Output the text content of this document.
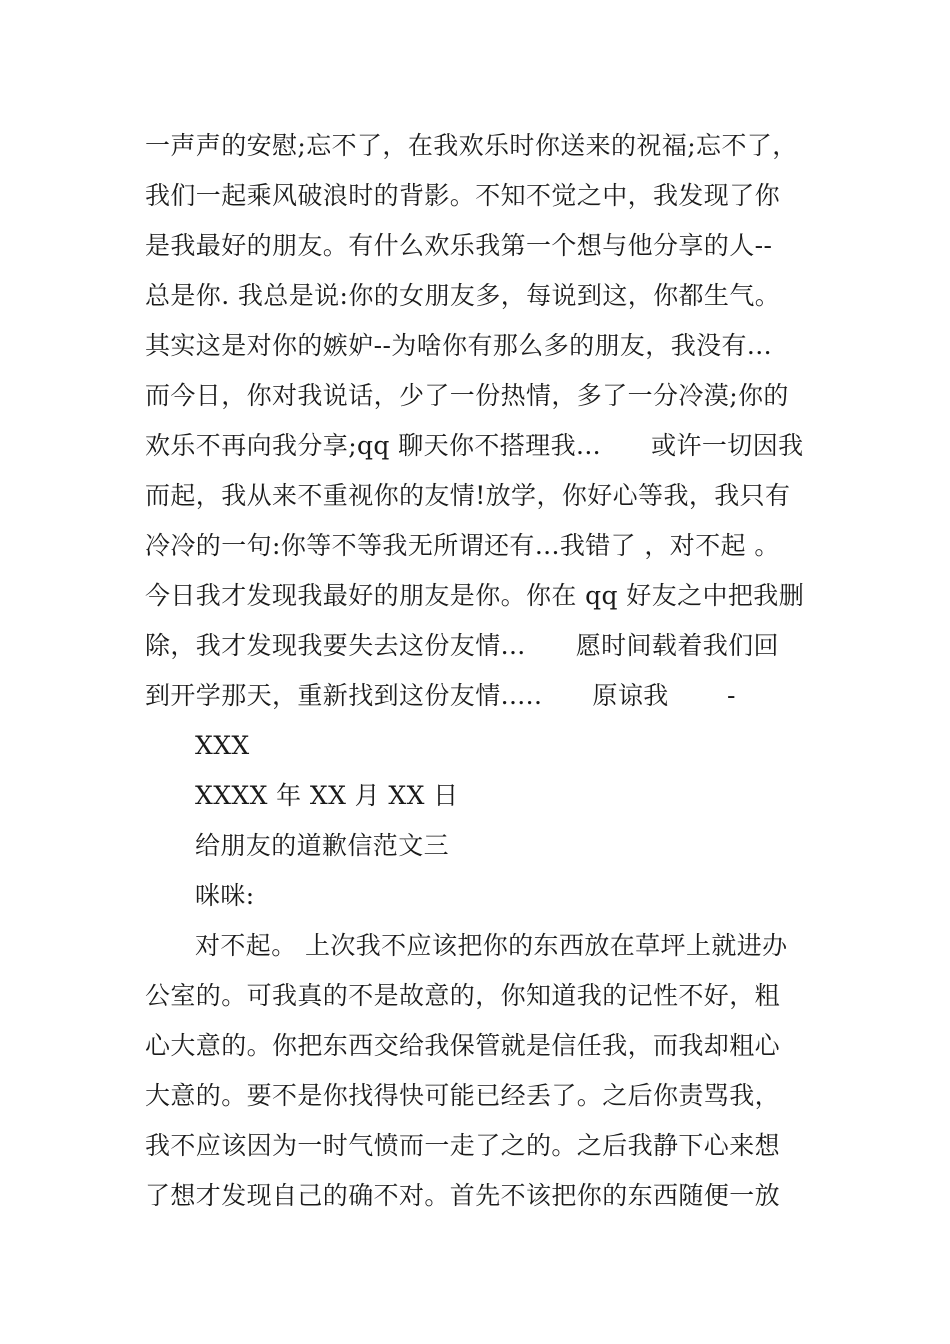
一声声的安慰;忘不了，在我欢乐时你送来的祝福;忘不了，
我们一起乘风破浪时的背影。不知不觉之中，我发现了你
是我最好的朋友。有什么欢乐我第一个想与他分享的人--
总是你. 我总是说:你的女朋友多，每说到这，你都生气。
其实这是对你的嫉妒--为啥你有那么多的朋友，我没有...
而今日，你对我说话，少了一份热情，多了一分冷漠;你的
欢乐不再向我分享;qq 聊天你不搭理我...      或许一切因我
而起，我从来不重视你的友情!放学，你好心等我，我只有
冷冷的一句:你等不等我无所谓还有...我错了 ，对不起 。
今日我才发现我最好的朋友是你。你在 qq 好友之中把我删
除，我才发现我要失去这份友情...      愿时间载着我们回
到开学那天，重新找到这份友情.....      原谅我       -
XXX
XXXX 年 XX 月 XX 日
给朋友的道歉信范文三
咪咪:
对不起。 上次我不应该把你的东西放在草坪上就进办
公室的。可我真的不是故意的，你知道我的记性不好，粗
心大意的。你把东西交给我保管就是信任我，而我却粗心
大意的。要不是你找得快可能已经丢了。之后你责骂我，
我不应该因为一时气愤而一走了之的。之后我静下心来想
了想才发现自己的确不对。首先不该把你的东西随便一放
